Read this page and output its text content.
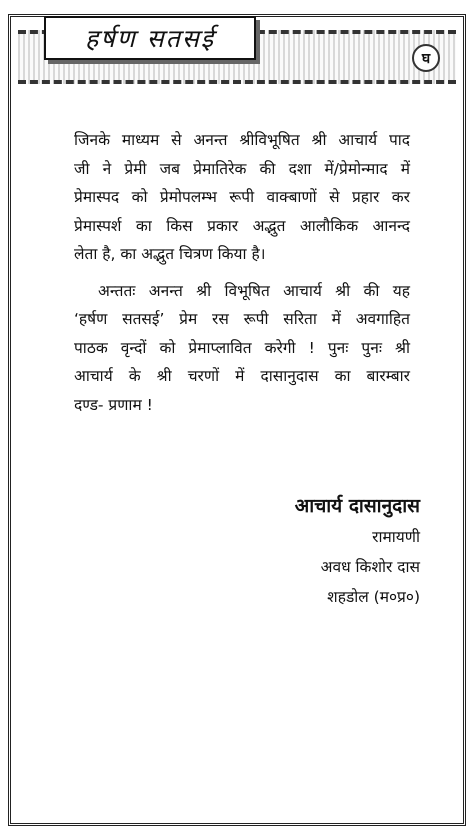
हर्षण सतसई
घ
जिनके माध्यम से अनन्त श्रीविभूषित श्री आचार्य पाद
जी ने प्रेमी जब प्रेमातिरेक की दशा में/प्रेमोन्माद में
प्रेमास्पद को प्रेमोपलम्भ रूपी वाक्बाणों से प्रहार कर
प्रेमास्पर्श का किस प्रकार अद्भुत आलौकिक आनन्द
लेता है, का अद्भुत चित्रण किया है।
अन्ततः अनन्त श्री विभूषित आचार्य श्री की यह
‘हर्षण सतसई’ प्रेम रस रूपी सरिता में अवगाहित
पाठक वृन्दों को प्रेमाप्लावित करेगी ! पुनः पुनः श्री
आचार्य के श्री चरणों में दासानुदास का बारम्बार
दण्ड- प्रणाम !
आचार्य दासानुदास
रामायणी
अवध किशोर दास
शहडोल (म०प्र०)
